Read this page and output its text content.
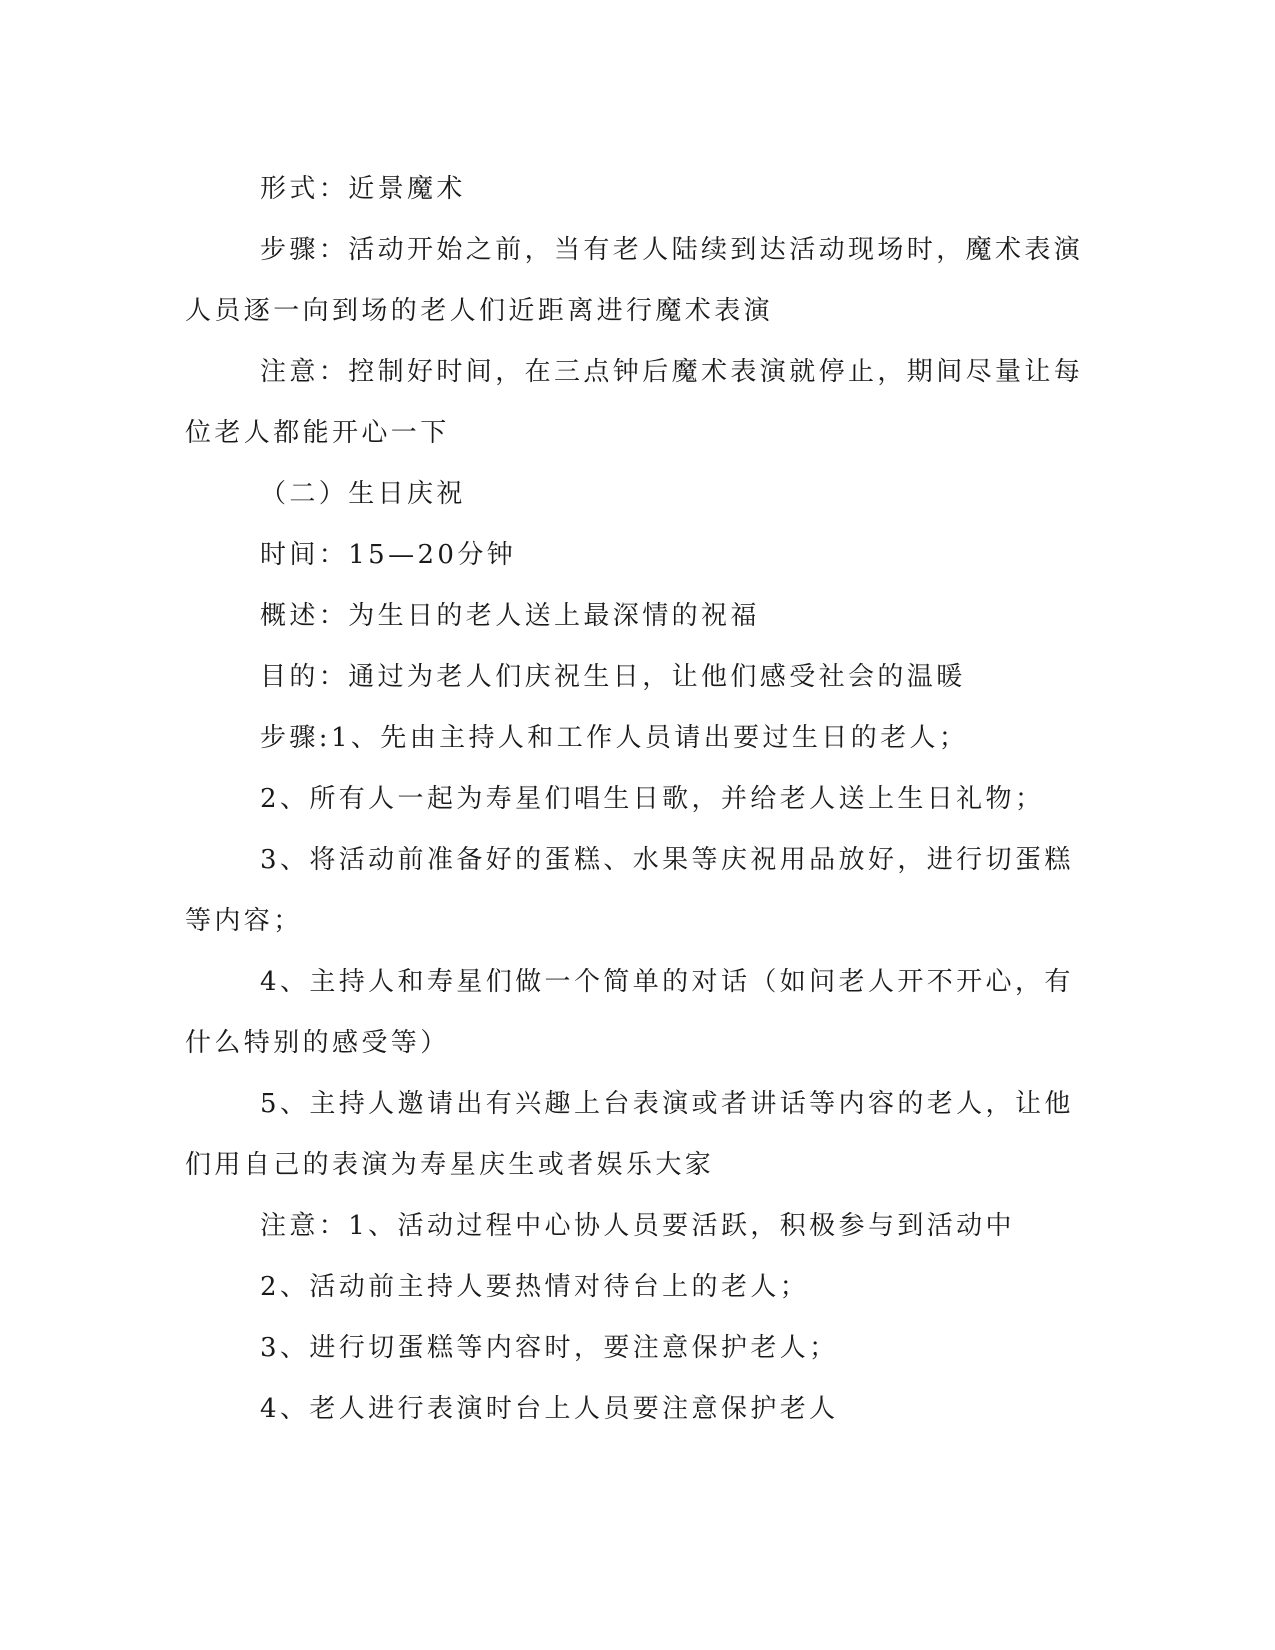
形式：近景魔术
步骤：活动开始之前，当有老人陆续到达活动现场时，魔术表演
人员逐一向到场的老人们近距离进行魔术表演
注意：控制好时间，在三点钟后魔术表演就停止，期间尽量让每
位老人都能开心一下
（二）生日庆祝
时间：15—20分钟
概述：为生日的老人送上最深情的祝福
目的：通过为老人们庆祝生日，让他们感受社会的温暖
步骤:1、先由主持人和工作人员请出要过生日的老人；
2、所有人一起为寿星们唱生日歌，并给老人送上生日礼物；
3、将活动前准备好的蛋糕、水果等庆祝用品放好，进行切蛋糕
等内容；
4、主持人和寿星们做一个简单的对话（如问老人开不开心，有
什么特别的感受等）
5、主持人邀请出有兴趣上台表演或者讲话等内容的老人，让他
们用自己的表演为寿星庆生或者娱乐大家
注意：1、活动过程中心协人员要活跃，积极参与到活动中
2、活动前主持人要热情对待台上的老人；
3、进行切蛋糕等内容时，要注意保护老人；
4、老人进行表演时台上人员要注意保护老人
